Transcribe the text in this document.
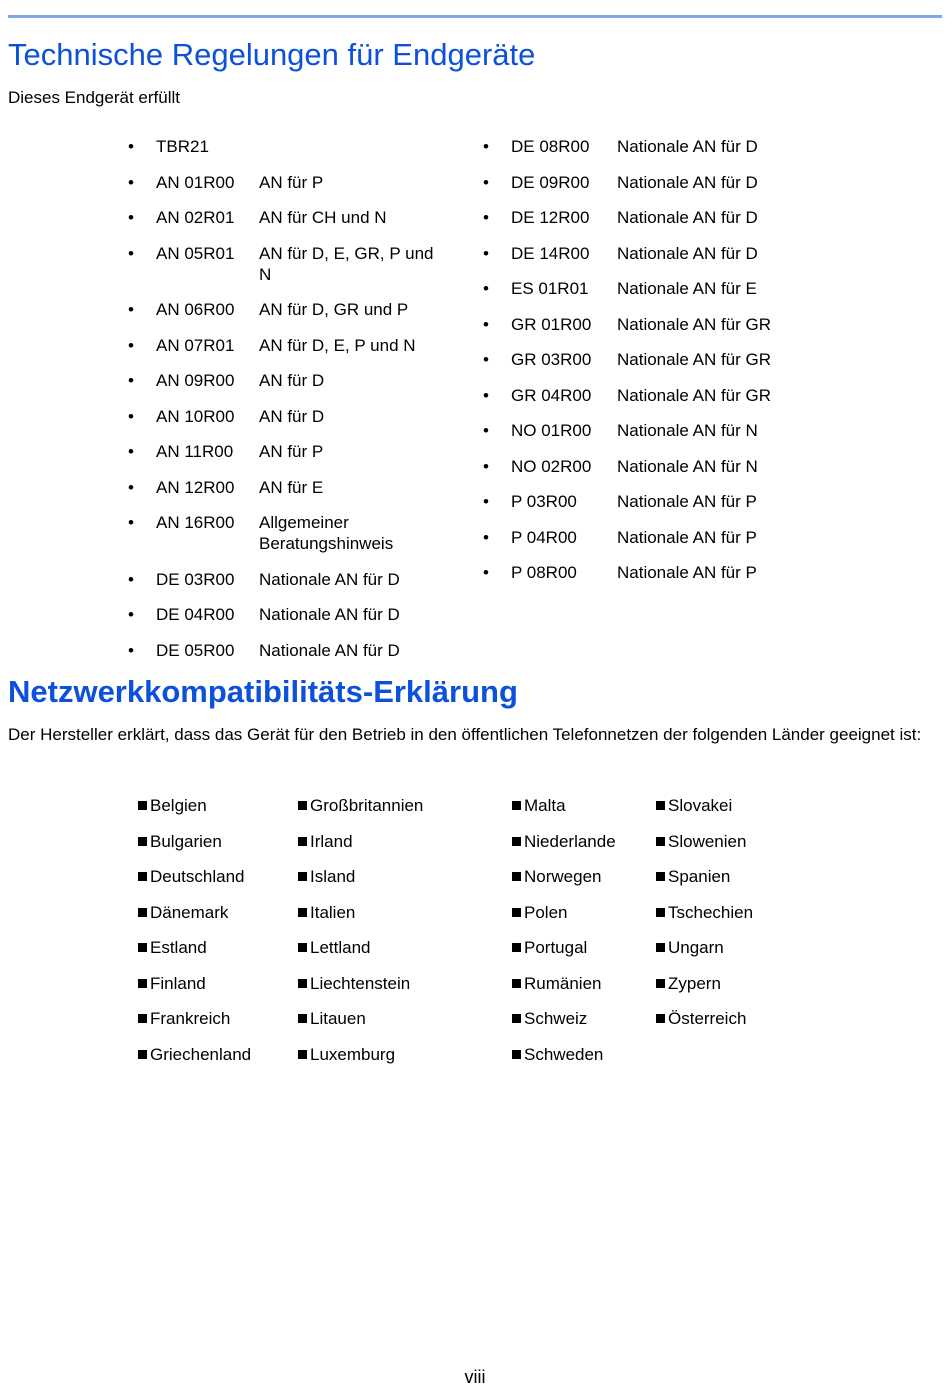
Technische Regelungen für Endgeräte
Dieses Endgerät erfüllt
•	TBR21
•	AN 01R00	AN für P
•	AN 02R01	AN für CH und N
•	AN 05R01	AN für D, E, GR, P und N
•	AN 06R00	AN für D, GR und P
•	AN 07R01	AN für D, E, P und N
•	AN 09R00	AN für D
•	AN 10R00	AN für D
•	AN 11R00	AN für P
•	AN 12R00	AN für E
•	AN 16R00	Allgemeiner Beratungshinweis
•	DE 03R00	Nationale AN für D
•	DE 04R00	Nationale AN für D
•	DE 05R00	Nationale AN für D
•	DE 08R00	Nationale AN für D
•	DE 09R00	Nationale AN für D
•	DE 12R00	Nationale AN für D
•	DE 14R00	Nationale AN für D
•	ES 01R01	Nationale AN für E
•	GR 01R00	Nationale AN für GR
•	GR 03R00	Nationale AN für GR
•	GR 04R00	Nationale AN für GR
•	NO 01R00	Nationale AN für N
•	NO 02R00	Nationale AN für N
•	P 03R00	Nationale AN für P
•	P 04R00	Nationale AN für P
•	P 08R00	Nationale AN für P
Netzwerkkompatibilitäts-Erklärung
Der Hersteller erklärt, dass das Gerät für den Betrieb in den öffentlichen Telefonnetzen der folgenden Länder geeignet ist:
Belgien
Bulgarien
Deutschland
Dänemark
Estland
Finland
Frankreich
Griechenland
Großbritannien
Irland
Island
Italien
Lettland
Liechtenstein
Litauen
Luxemburg
Malta
Niederlande
Norwegen
Polen
Portugal
Rumänien
Schweiz
Schweden
Slovakei
Slowenien
Spanien
Tschechien
Ungarn
Zypern
Österreich
viii
